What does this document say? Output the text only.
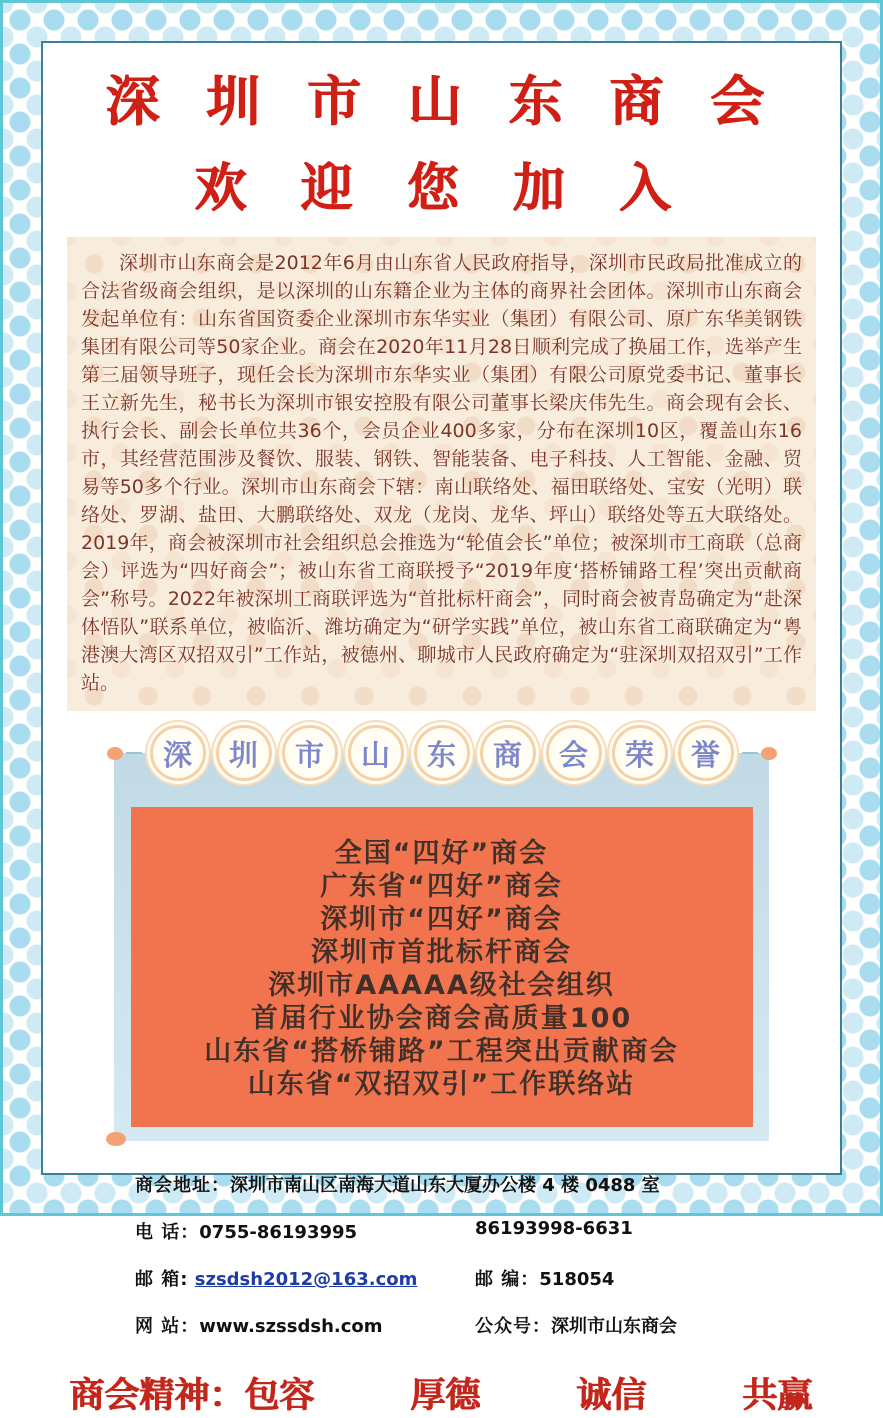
深 圳 市 山 东 商 会
欢 迎 您 加 入
深圳市山东商会是2012年6月由山东省人民政府指导，深圳市民政局批准成立的合法省级商会组织，是以深圳的山东籍企业为主体的商界社会团体。深圳市山东商会发起单位有：山东省国资委企业深圳市东华实业（集团）有限公司、原广东华美钢铁集团有限公司等50家企业。商会在2020年11月28日顺利完成了换届工作，选举产生第三届领导班子，现任会长为深圳市东华实业（集团）有限公司原党委书记、董事长王立新先生，秘书长为深圳市银安控股有限公司董事长梁庆伟先生。商会现有会长、执行会长、副会长单位共36个，会员企业400多家，分布在深圳10区，覆盖山东16市，其经营范围涉及餐饮、服装、钢铁、智能装备、电子科技、人工智能、金融、贸易等50多个行业。深圳市山东商会下辖：南山联络处、福田联络处、宝安（光明）联络处、罗湖、盐田、大鹏联络处、双龙（龙岗、龙华、坪山）联络处等五大联络处。2019年，商会被深圳市社会组织总会推选为“轮值会长”单位；被深圳市工商联（总商会）评选为“四好商会”；被山东省工商联授予“2019年度‘搭桥铺路工程’突出贡献商会”称号。2022年被深圳工商联评选为“首批标杆商会”，同时商会被青岛确定为“赴深体悟队”联系单位，被临沂、潍坊确定为“研学实践”单位，被山东省工商联确定为“粤港澳大湾区双招双引”工作站，被德州、聊城市人民政府确定为“驻深圳双招双引”工作站。
深	圳	市	山	东	商	会	荣	誉
全国“四好”商会
广东省“四好”商会
深圳市“四好”商会
深圳市首批标杆商会
深圳市AAAAA级社会组织
首届行业协会商会高质量100
山东省“搭桥铺路”工程突出贡献商会
山东省“双招双引”工作联络站
商会地址：深圳市南山区南海大道山东大厦办公楼 4 楼 0488 室
电 话：0755-86193995	86193998-6631
邮 箱: szsdsh2012@163.com	邮 编：518054
网 站：www.szssdsh.com	公众号：深圳市山东商会
商会精神：包容	厚德	诚信	共赢
